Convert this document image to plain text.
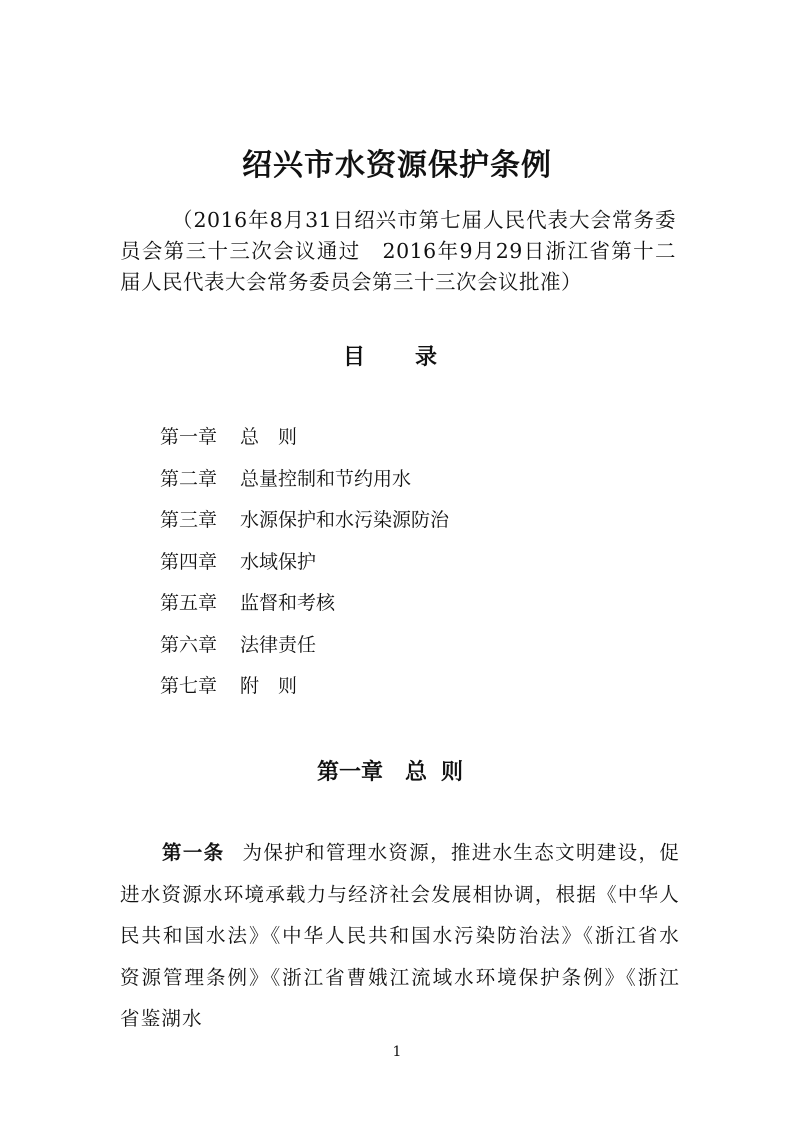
绍兴市水资源保护条例

（2016年8月31日绍兴市第七届人民代表大会常务委员会第三十三次会议通过　2016年9月29日浙江省第十二届人民代表大会常务委员会第三十三次会议批准）

目　录
第一章 总　则
第二章 总量控制和节约用水
第三章 水源保护和水污染源防治
第四章 水域保护
第五章 监督和考核
第六章 法律责任
第七章 附　则
第一章 总则

第一条 为保护和管理水资源，推进水生态文明建设，促进水资源水环境承载力与经济社会发展相协调，根据《中华人民共和国水法》《中华人民共和国水污染防治法》《浙江省水资源管理条例》《浙江省曹娥江流域水环境保护条例》《浙江省鉴湖水

1
